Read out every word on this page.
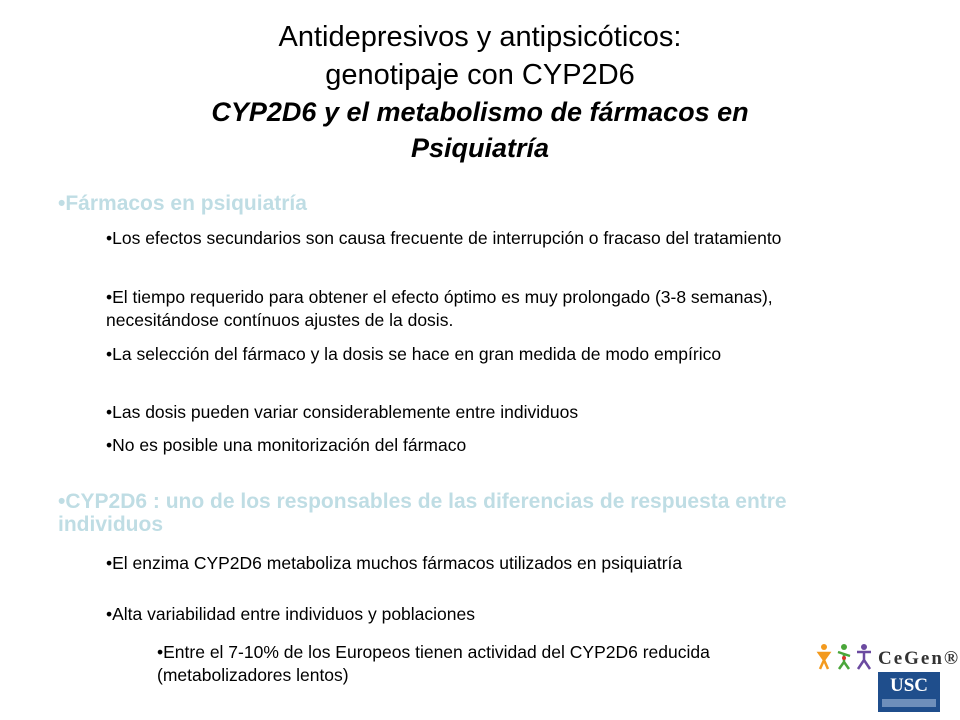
Antidepresivos y antipsicóticos:
genotipaje con CYP2D6
CYP2D6 y el metabolismo de fármacos en
Psiquiatría
•Fármacos en psiquiatría
•Los efectos secundarios son causa frecuente de interrupción o fracaso del tratamiento
•El tiempo requerido para obtener el efecto óptimo es muy prolongado (3-8 semanas), necesitándose contínuos ajustes de la dosis.
•La selección del fármaco y la dosis se hace en gran medida de modo empírico
•Las dosis pueden variar considerablemente entre individuos
•No es posible una monitorización del fármaco
•CYP2D6 : uno de los responsables de las diferencias de respuesta entre individuos
•El enzima CYP2D6 metaboliza muchos fármacos utilizados en psiquiatría
•Alta variabilidad entre individuos y poblaciones
•Entre el 7-10% de los Europeos tienen actividad del CYP2D6 reducida (metabolizadores lentos)
CeGen®
USC
